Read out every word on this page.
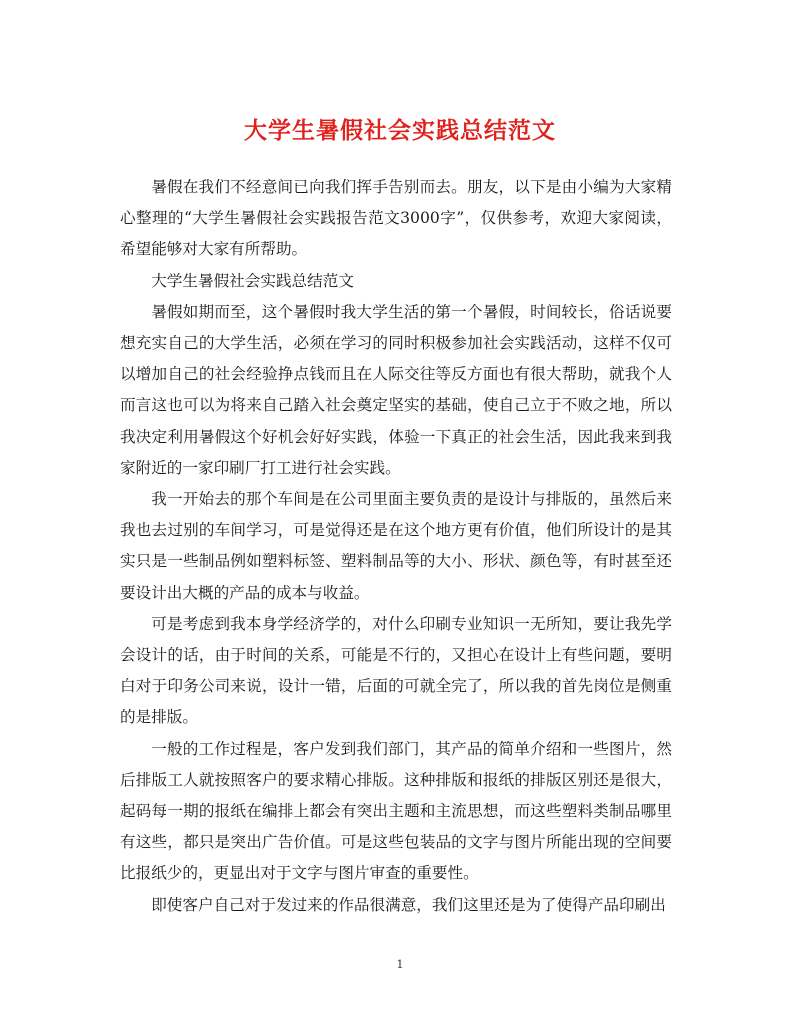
大学生暑假社会实践总结范文

暑假在我们不经意间已向我们挥手告别而去。朋友，以下是由小编为大家精心整理的“大学生暑假社会实践报告范文3000字”，仅供参考，欢迎大家阅读，希望能够对大家有所帮助。

大学生暑假社会实践总结范文

暑假如期而至，这个暑假时我大学生活的第一个暑假，时间较长，俗话说要想充实自己的大学生活，必须在学习的同时积极参加社会实践活动，这样不仅可以增加自己的社会经验挣点钱而且在人际交往等反方面也有很大帮助，就我个人而言这也可以为将来自己踏入社会奠定坚实的基础，使自己立于不败之地，所以我决定利用暑假这个好机会好好实践，体验一下真正的社会生活，因此我来到我家附近的一家印刷厂打工进行社会实践。

我一开始去的那个车间是在公司里面主要负责的是设计与排版的，虽然后来我也去过别的车间学习，可是觉得还是在这个地方更有价值，他们所设计的是其实只是一些制品例如塑料标签、塑料制品等的大小、形状、颜色等，有时甚至还要设计出大概的产品的成本与收益。

可是考虑到我本身学经济学的，对什么印刷专业知识一无所知，要让我先学会设计的话，由于时间的关系，可能是不行的，又担心在设计上有些问题，要明白对于印务公司来说，设计一错，后面的可就全完了，所以我的首先岗位是侧重的是排版。

一般的工作过程是，客户发到我们部门，其产品的简单介绍和一些图片，然后排版工人就按照客户的要求精心排版。这种排版和报纸的排版区别还是很大，起码每一期的报纸在编排上都会有突出主题和主流思想，而这些塑料类制品哪里有这些，都只是突出广告价值。可是这些包装品的文字与图片所能出现的空间要比报纸少的，更显出对于文字与图片审查的重要性。

即使客户自己对于发过来的作品很满意，我们这里还是为了使得产品印刷出

1
